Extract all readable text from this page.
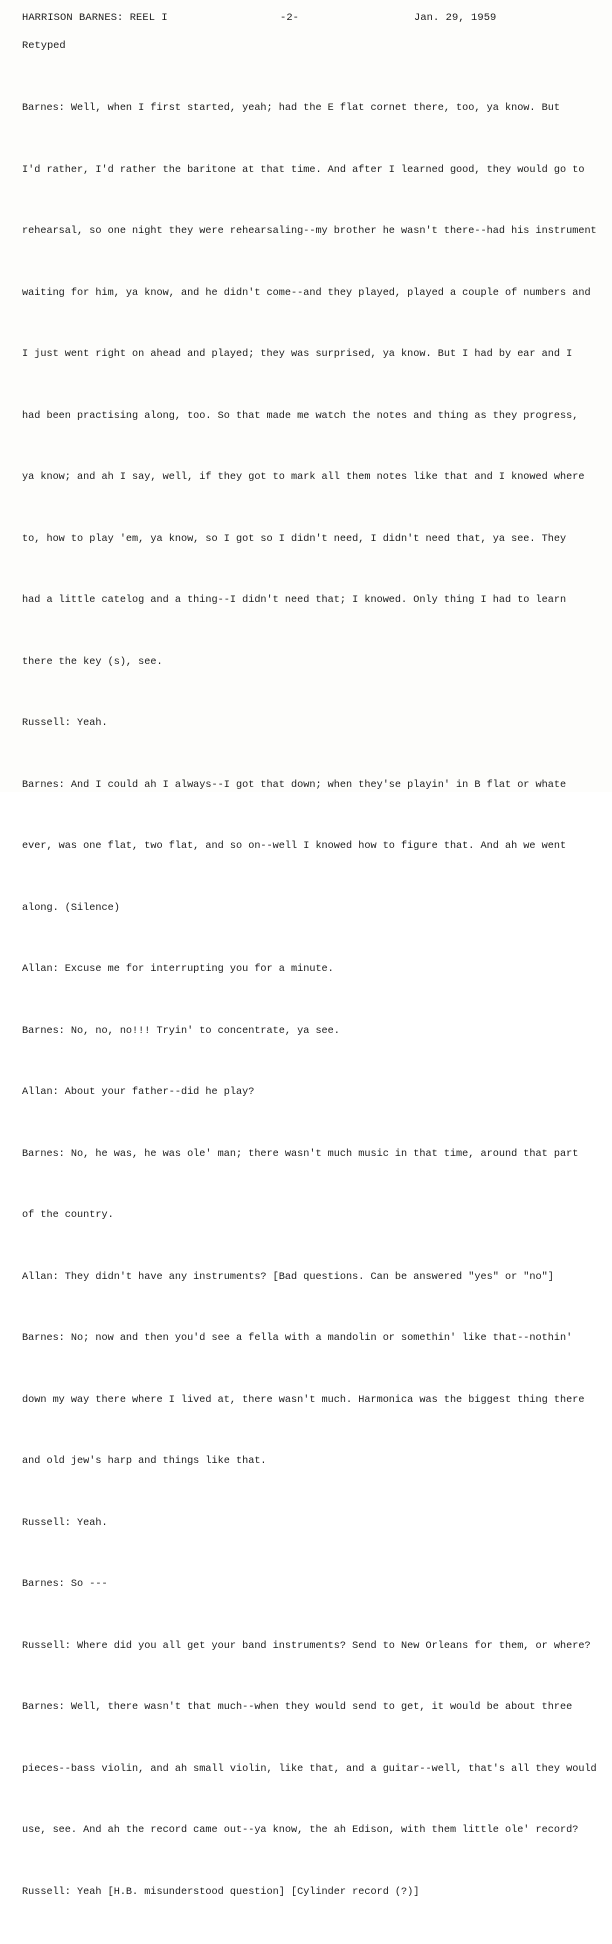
HARRISON BARNES: REEL I	-2-	Jan. 29, 1959
Retyped

Barnes: Well, when I first started, yeah; had the E flat cornet there, too, ya know. But

I'd rather, I'd rather the baritone at that time. And after I learned good, they would go to

rehearsal, so one night they were rehearsaling--my brother he wasn't there--had his instrument

waiting for him, ya know, and he didn't come--and they played, played a couple of numbers and

I just went right on ahead and played; they was surprised, ya know. But I had by ear and I

had been practising along, too. So that made me watch the notes and thing as they progress,

ya know; and ah I say, well, if they got to mark all them notes like that and I knowed where

to, how to play 'em, ya know, so I got so I didn't need, I didn't need that, ya see. They

had a little catelog and a thing--I didn't need that; I knowed. Only thing I had to learn

there the key (s), see.

Russell: Yeah.

Barnes: And I could ah I always--I got that down; when they'se playin' in B flat or whate

ever, was one flat, two flat, and so on--well I knowed how to figure that. And ah we went

along. (Silence)

Allan: Excuse me for interrupting you for a minute.

Barnes: No, no, no!!! Tryin' to concentrate, ya see.

Allan: About your father--did he play?

Barnes: No, he was, he was ole' man; there wasn't much music in that time, around that part

of the country.

Allan: They didn't have any instruments? [Bad questions. Can be answered "yes" or "no"]

Barnes: No; now and then you'd see a fella with a mandolin or somethin' like that--nothin'

down my way there where I lived at, there wasn't much. Harmonica was the biggest thing there

and old jew's harp and things like that.

Russell: Yeah.

Barnes: So ---

Russell: Where did you all get your band instruments? Send to New Orleans for them, or where?

Barnes: Well, there wasn't that much--when they would send to get, it would be about three

pieces--bass violin, and ah small violin, like that, and a guitar--well, that's all they would

use, see. And ah the record came out--ya know, the ah Edison, with them little ole' record?

Russell: Yeah [H.B. misunderstood question] [Cylinder record (?)]
